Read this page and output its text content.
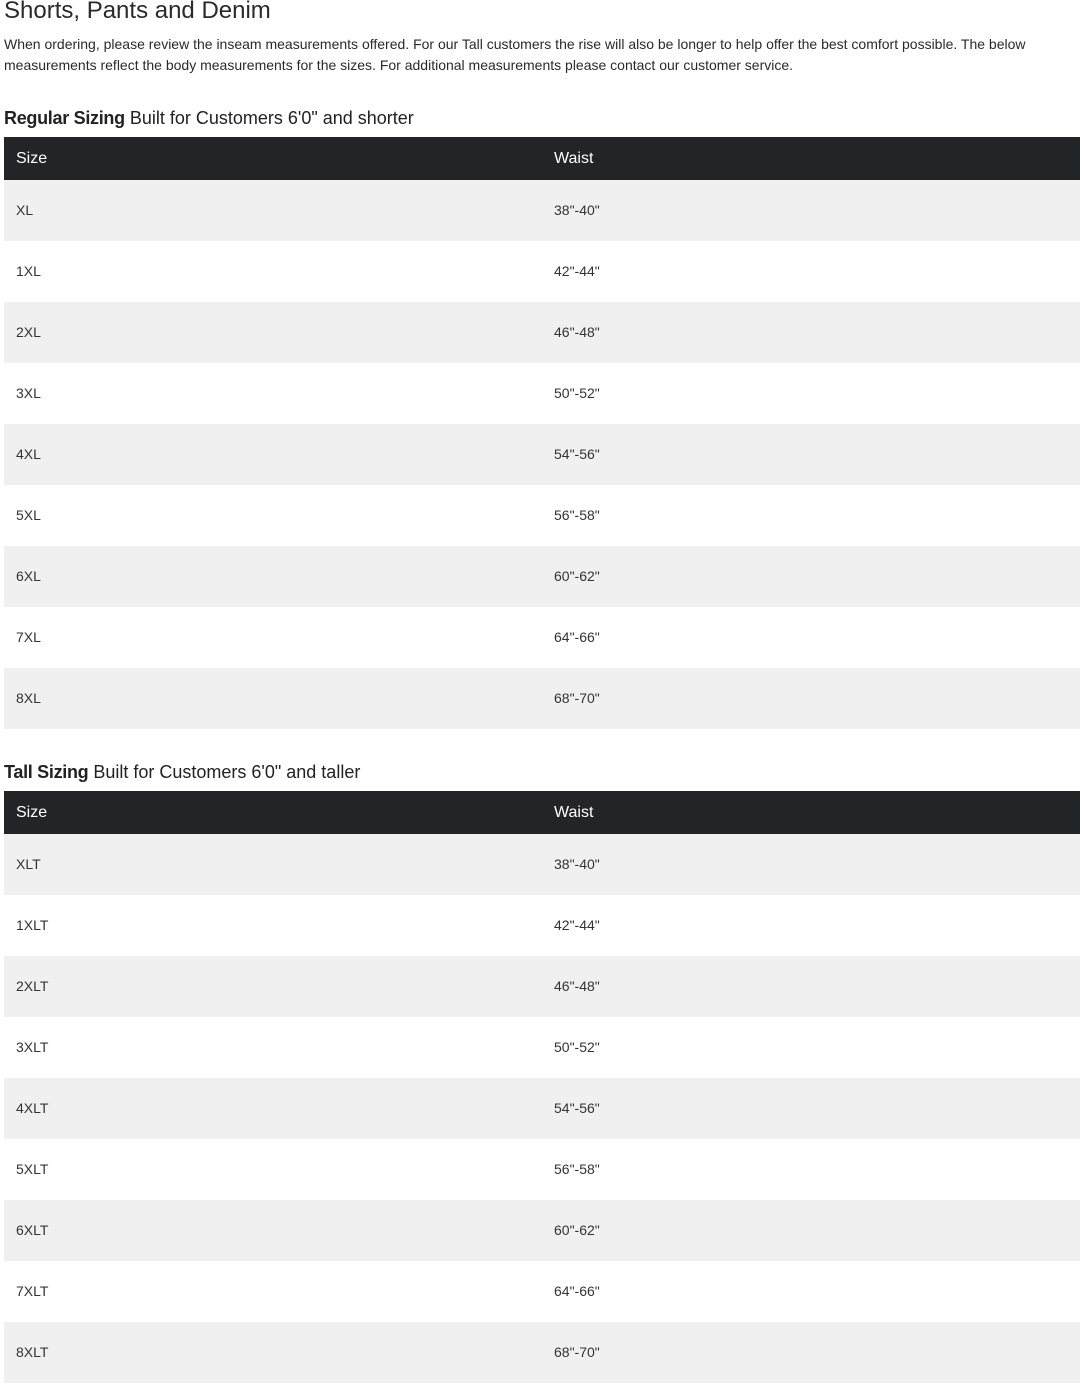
Shorts, Pants and Denim

When ordering, please review the inseam measurements offered. For our Tall customers the rise will also be longer to help offer the best comfort possible. The below measurements reflect the body measurements for the sizes. For additional measurements please contact our customer service.

Regular Sizing Built for Customers 6'0" and shorter
Size	Waist
XL	38"-40"
1XL	42"-44"
2XL	46"-48"
3XL	50"-52"
4XL	54"-56"
5XL	56"-58"
6XL	60"-62"
7XL	64"-66"
8XL	68"-70"
Tall Sizing Built for Customers 6'0" and taller
Size	Waist
XLT	38"-40"
1XLT	42"-44"
2XLT	46"-48"
3XLT	50"-52"
4XLT	54"-56"
5XLT	56"-58"
6XLT	60"-62"
7XLT	64"-66"
8XLT	68"-70"
